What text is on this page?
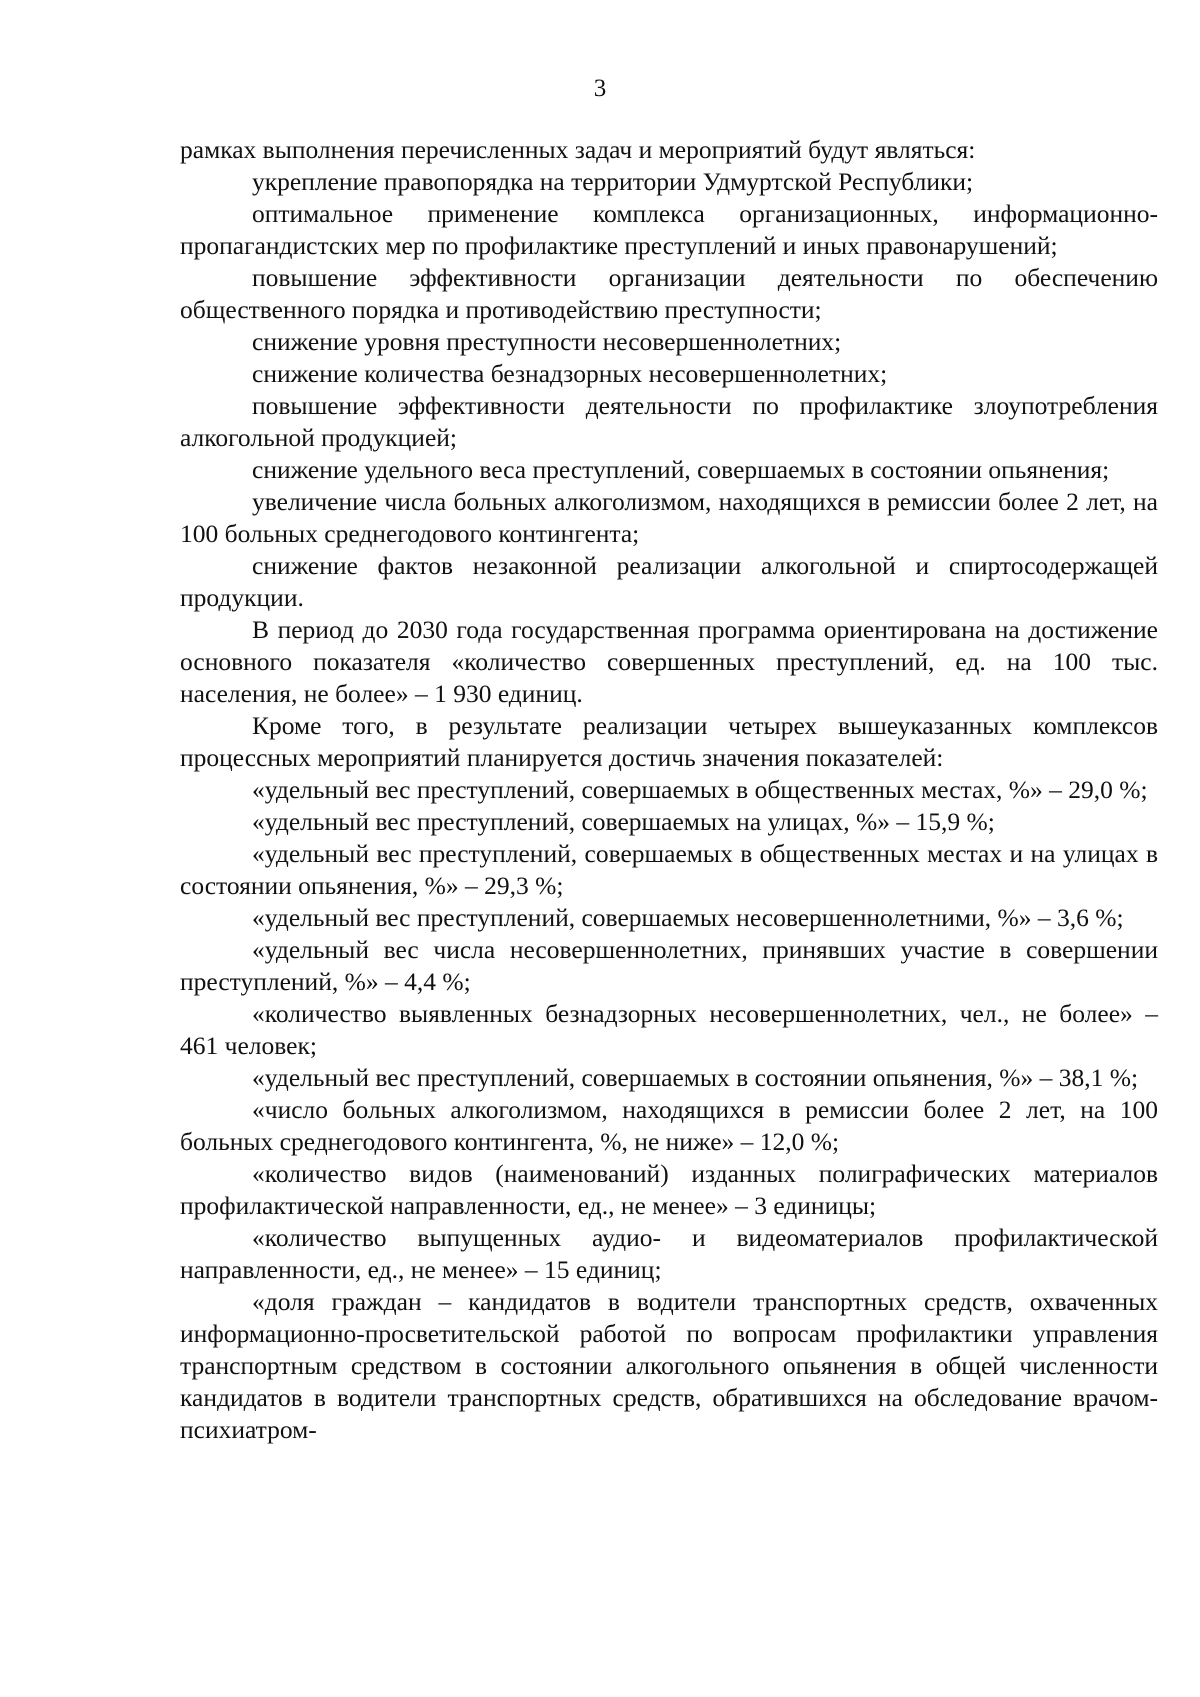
3

рамках выполнения перечисленных задач и мероприятий будут являться:

укрепление правопорядка на территории Удмуртской Республики;

оптимальное применение комплекса организационных, информационно-пропагандистских мер по профилактике преступлений и иных правонарушений;

повышение эффективности организации деятельности по обеспечению общественного порядка и противодействию преступности;

снижение уровня преступности несовершеннолетних;

снижение количества безнадзорных несовершеннолетних;

повышение эффективности деятельности по профилактике злоупотребления алкогольной продукцией;

снижение удельного веса преступлений, совершаемых в состоянии опьянения;

увеличение числа больных алкоголизмом, находящихся в ремиссии более 2 лет, на 100 больных среднегодового контингента;

снижение фактов незаконной реализации алкогольной и спиртосодержащей продукции.

В период до 2030 года государственная программа ориентирована на достижение основного показателя «количество совершенных преступлений, ед. на 100 тыс. населения, не более» – 1 930 единиц.

Кроме того, в результате реализации четырех вышеуказанных комплексов процессных мероприятий планируется достичь значения показателей:

«удельный вес преступлений, совершаемых в общественных местах, %» – 29,0 %;

«удельный вес преступлений, совершаемых на улицах, %» – 15,9 %;

«удельный вес преступлений, совершаемых в общественных местах и на улицах в состоянии опьянения, %» – 29,3 %;

«удельный вес преступлений, совершаемых несовершеннолетними, %» – 3,6 %;

«удельный вес числа несовершеннолетних, принявших участие в совершении преступлений, %» – 4,4 %;

«количество выявленных безнадзорных несовершеннолетних, чел., не более» – 461 человек;

«удельный вес преступлений, совершаемых в состоянии опьянения, %» – 38,1 %;

«число больных алкоголизмом, находящихся в ремиссии более 2 лет, на 100 больных среднегодового контингента, %, не ниже» – 12,0 %;

«количество видов (наименований) изданных полиграфических материалов профилактической направленности, ед., не менее» – 3 единицы;

«количество выпущенных аудио- и видеоматериалов профилактической направленности, ед., не менее» – 15 единиц;

«доля граждан – кандидатов в водители транспортных средств, охваченных информационно-просветительской работой по вопросам профилактики управления транспортным средством в состоянии алкогольного опьянения в общей численности кандидатов в водители транспортных средств, обратившихся на обследование врачом-психиатром-
